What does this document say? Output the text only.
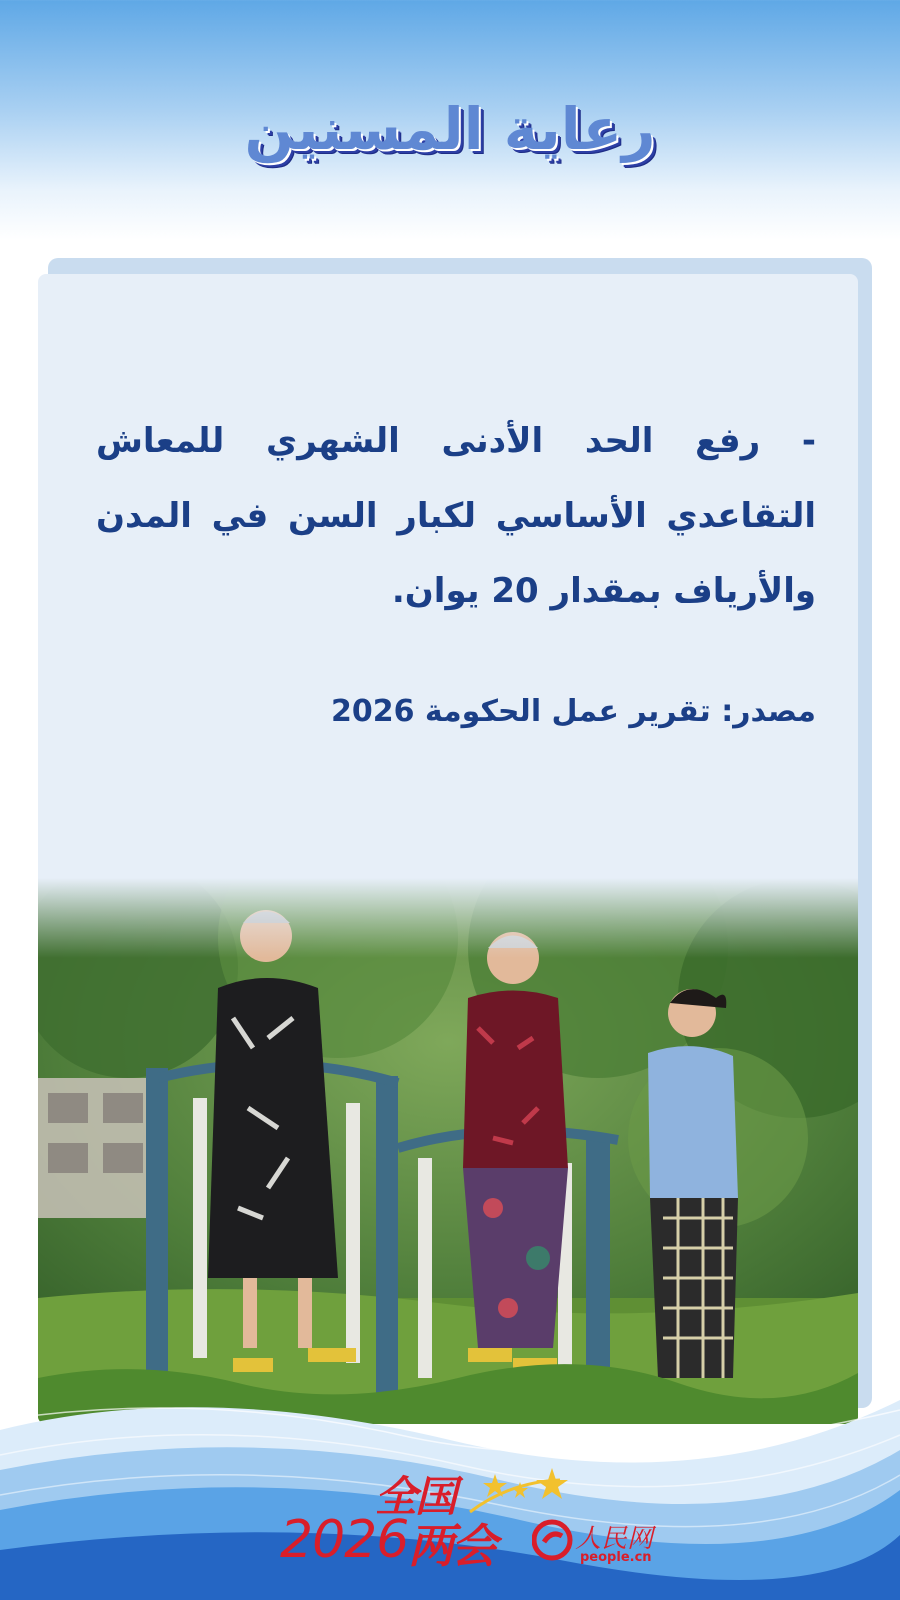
رعاية المسنين

- رفع الحد الأدنى الشهري للمعاش التقاعدي الأساسي لكبار السن في المدن والأرياف بمقدار 20 يوان.

مصدر: تقرير عمل الحكومة 2026

全国
2026 两会	人民网
people.cn
